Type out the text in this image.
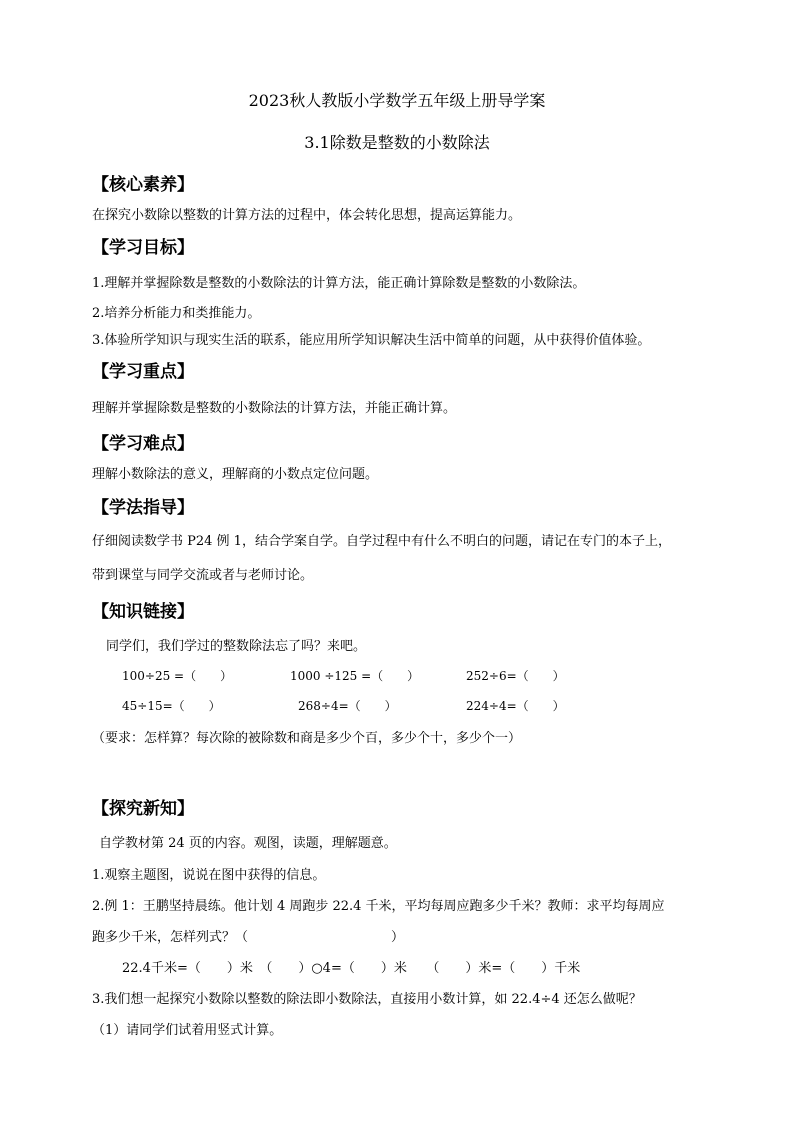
2023秋人教版小学数学五年级上册导学案
3.1除数是整数的小数除法
【核心素养】
在探究小数除以整数的计算方法的过程中，体会转化思想，提高运算能力。
【学习目标】
1.理解并掌握除数是整数的小数除法的计算方法，能正确计算除数是整数的小数除法。
2.培养分析能力和类推能力。
3.体验所学知识与现实生活的联系，能应用所学知识解决生活中简单的问题，从中获得价值体验。
【学习重点】
理解并掌握除数是整数的小数除法的计算方法，并能正确计算。
【学习难点】
理解小数除法的意义，理解商的小数点定位问题。
【学法指导】
仔细阅读数学书 P24 例 1，结合学案自学。自学过程中有什么不明白的问题，请记在专门的本子上，
带到课堂与同学交流或者与老师讨论。
【知识链接】
同学们，我们学过的整数除法忘了吗？来吧。
100÷25 =（　　）	1000 ÷125 =（　　）	252÷6=（　　）
45÷15=（　　）	268÷4=（　　）	224÷4=（　　）
（要求：怎样算？每次除的被除数和商是多少个百，多少个十，多少个一）
【探究新知】
自学教材第 24 页的内容。观图，读题，理解题意。
1.观察主题图，说说在图中获得的信息。
2.例 1：王鹏坚持晨练。他计划 4 周跑步 22.4 千米，平均每周应跑多少千米？教师：求平均每周应
跑多少千米，怎样列式？（　　　　　　　　　　　）
22.4千米=（　　）米　（　　）○4=（　　）米　　（　　）米=（　　）千米
3.我们想一起探究小数除以整数的除法即小数除法，直接用小数计算，如 22.4÷4 还怎么做呢？
（1）请同学们试着用竖式计算。
